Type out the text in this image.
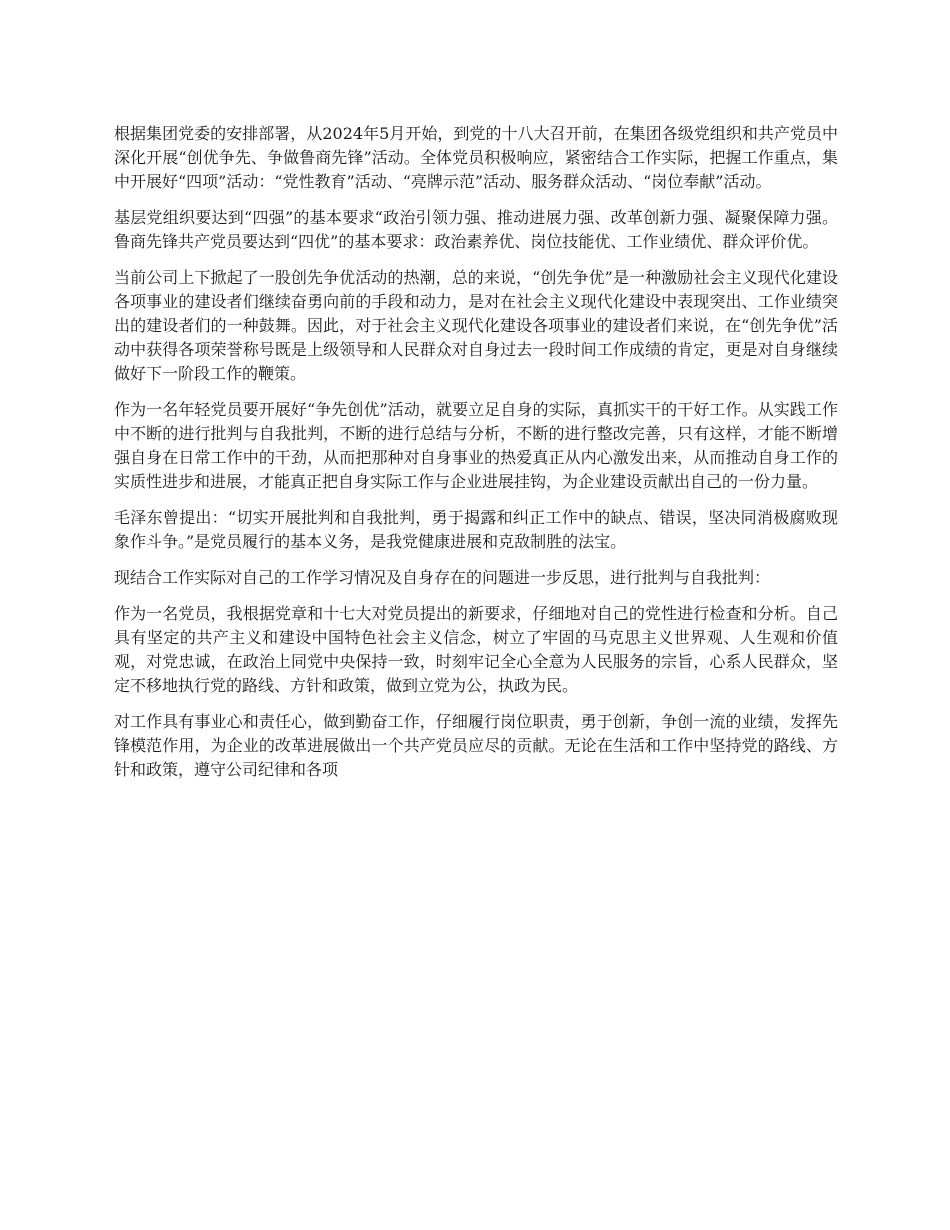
根据集团党委的安排部署，从2024年5月开始，到党的十八大召开前，在集团各级党组织和共产党员中深化开展“创优争先、争做鲁商先锋”活动。全体党员积极响应，紧密结合工作实际，把握工作重点，集中开展好“四项”活动：“党性教育”活动、“亮牌示范”活动、服务群众活动、“岗位奉献”活动。

基层党组织要达到“四强”的基本要求“政治引领力强、推动进展力强、改革创新力强、凝聚保障力强。鲁商先锋共产党员要达到“四优”的基本要求：政治素养优、岗位技能优、工作业绩优、群众评价优。

当前公司上下掀起了一股创先争优活动的热潮，总的来说，“创先争优”是一种激励社会主义现代化建设各项事业的建设者们继续奋勇向前的手段和动力，是对在社会主义现代化建设中表现突出、工作业绩突出的建设者们的一种鼓舞。因此，对于社会主义现代化建设各项事业的建设者们来说，在“创先争优”活动中获得各项荣誉称号既是上级领导和人民群众对自身过去一段时间工作成绩的肯定，更是对自身继续做好下一阶段工作的鞭策。

作为一名年轻党员要开展好“争先创优”活动，就要立足自身的实际，真抓实干的干好工作。从实践工作中不断的进行批判与自我批判，不断的进行总结与分析，不断的进行整改完善，只有这样，才能不断增强自身在日常工作中的干劲，从而把那种对自身事业的热爱真正从内心激发出来，从而推动自身工作的实质性进步和进展，才能真正把自身实际工作与企业进展挂钩，为企业建设贡献出自己的一份力量。

毛泽东曾提出：“切实开展批判和自我批判，勇于揭露和纠正工作中的缺点、错误，坚决同消极腐败现象作斗争。”是党员履行的基本义务，是我党健康进展和克敌制胜的法宝。

现结合工作实际对自己的工作学习情况及自身存在的问题进一步反思，进行批判与自我批判：

作为一名党员，我根据党章和十七大对党员提出的新要求，仔细地对自己的党性进行检查和分析。自己具有坚定的共产主义和建设中国特色社会主义信念，树立了牢固的马克思主义世界观、人生观和价值观，对党忠诚，在政治上同党中央保持一致，时刻牢记全心全意为人民服务的宗旨，心系人民群众，坚定不移地执行党的路线、方针和政策，做到立党为公，执政为民。

对工作具有事业心和责任心，做到勤奋工作，仔细履行岗位职责，勇于创新，争创一流的业绩，发挥先锋模范作用，为企业的改革进展做出一个共产党员应尽的贡献。无论在生活和工作中坚持党的路线、方针和政策，遵守公司纪律和各项
